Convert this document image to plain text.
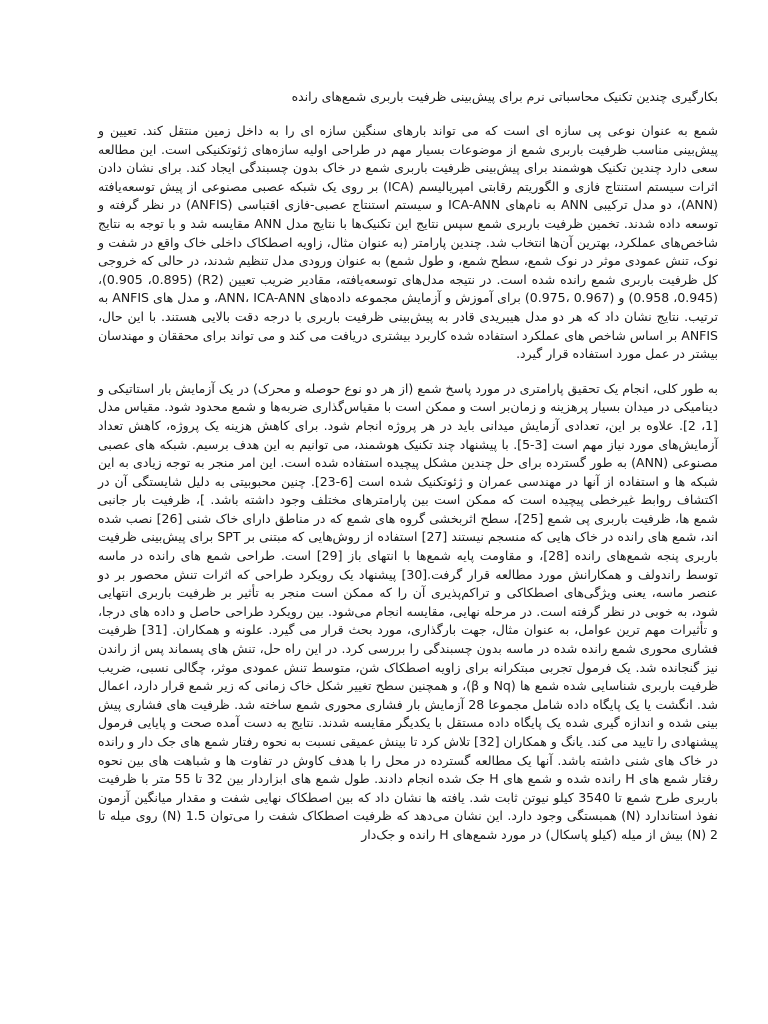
بکارگیری چندین تکنیک محاسباتی نرم برای پیش‌بینی ظرفیت باربری شمع‌های رانده

شمع به عنوان نوعی پی سازه ای است که می تواند بارهای سنگین سازه ای را به داخل زمین منتقل کند. تعیین و پیش‌بینی مناسب ظرفیت باربری شمع از موضوعات بسیار مهم در طراحی اولیه سازه‌های ژئوتکنیکی است. این مطالعه سعی دارد چندین تکنیک هوشمند برای پیش‌بینی ظرفیت باربری شمع در خاک بدون چسبندگی ایجاد کند. برای نشان دادن اثرات سیستم استنتاج فازی و الگوریتم رقابتی امپریالیسم (ICA) بر روی یک شبکه عصبی مصنوعی از پیش توسعه‌یافته (ANN)، دو مدل ترکیبی ANN به نام‌های ICA-ANN و سیستم استنتاج عصبی-فازی اقتباسی (ANFIS) در نظر گرفته و توسعه داده شدند. تخمین ظرفیت باربری شمع سپس نتایج این تکنیک‌ها با نتایج مدل ANN مقایسه شد و با توجه به نتایج شاخص‌های عملکرد، بهترین آن‌ها انتخاب شد. چندین پارامتر (به عنوان مثال، زاویه اصطکاک داخلی خاک واقع در شفت و نوک، تنش عمودی موثر در نوک شمع، سطح شمع، و طول شمع) به عنوان ورودی مدل تنظیم شدند، در حالی که خروجی کل ظرفیت باربری شمع رانده شده است. در نتیجه مدل‌های توسعه‌یافته، مقادیر ضریب تعیین (R2) (0.905 ،0.895)، (0.958 ،0.945) و (0.967 ،0.975) برای آموزش و آزمایش مجموعه داده‌های ANN، ICA-ANN، و مدل های ANFIS به ترتیب. نتایج نشان داد که هر دو مدل هیبریدی قادر به پیش‌بینی ظرفیت باربری با درجه دقت بالایی هستند. با این حال، ANFIS بر اساس شاخص های عملکرد استفاده شده کاربرد بیشتری دریافت می کند و می تواند برای محققان و مهندسان بیشتر در عمل مورد استفاده قرار گیرد.

به طور کلی، انجام یک تحقیق پارامتری در مورد پاسخ شمع (از هر دو نوع حوصله و محرک) در یک آزمایش بار استاتیکی و دینامیکی در میدان بسیار پرهزینه و زمان‌بر است و ممکن است با مقیاس‌گذاری ضربه‌ها و شمع محدود شود. مقیاس مدل [1، 2]. علاوه بر این، تعدادی آزمایش میدانی باید در هر پروژه انجام شود. برای کاهش هزینه یک پروژه، کاهش تعداد آزمایش‌های مورد نیاز مهم است [3-5]. با پیشنهاد چند تکنیک هوشمند، می توانیم به این هدف برسیم. شبکه های عصبی مصنوعی (ANN) به طور گسترده برای حل چندین مشکل پیچیده استفاده شده است. این امر منجر به توجه زیادی به این شبکه ها و استفاده از آنها در مهندسی عمران و ژئوتکنیک شده است [6-23]. چنین محبوبیتی به دلیل شایستگی آن در اکتشاف روابط غیرخطی پیچیده است که ممکن است بین پارامترهای مختلف وجود داشته باشد. ]، ظرفیت بار جانبی شمع ها، ظرفیت باربری پی شمع [25]، سطح اثربخشی گروه های شمع که در مناطق دارای خاک شنی [26] نصب شده اند، شمع های رانده در خاک هایی که منسجم نیستند [27] استفاده از روش‌هایی که مبتنی بر SPT برای پیش‌بینی ظرفیت باربری پنجه شمع‌های رانده [28]، و مقاومت پایه شمع‌ها با انتهای باز [29] است. طراحی شمع های رانده در ماسه توسط راندولف و همکارانش مورد مطالعه قرار گرفت.[30] پیشنهاد یک رویکرد طراحی که اثرات تنش محصور بر دو عنصر ماسه، یعنی ویژگی‌های اصطکاکی و تراکم‌پذیری آن را که ممکن است منجر به تأثیر بر ظرفیت باربری انتهایی شود، به خوبی در نظر گرفته است. در مرحله نهایی، مقایسه انجام می‌شود. بین رویکرد طراحی حاصل و داده های درجا، و تأثیرات مهم ترین عوامل، به عنوان مثال، جهت بارگذاری، مورد بحث قرار می گیرد. علونه و همکاران. [31] ظرفیت فشاری محوری شمع رانده شده در ماسه بدون چسبندگی را بررسی کرد. در این راه حل، تنش های پسماند پس از راندن نیز گنجانده شد. یک فرمول تجربی مبتکرانه برای زاویه اصطکاک شن، متوسط تنش عمودی موثر، چگالی نسبی، ضریب ظرفیت باربری شناسایی شده شمع ها (Nq و β)، و همچنین سطح تغییر شکل خاک زمانی که زیر شمع قرار دارد، اعمال شد. انگشت یا یک پایگاه داده شامل مجموعا 28 آزمایش بار فشاری محوری شمع ساخته شد. ظرفیت های فشاری پیش بینی شده و اندازه گیری شده یک پایگاه داده مستقل با یکدیگر مقایسه شدند. نتایج به دست آمده صحت و پایایی فرمول پیشنهادی را تایید می کند. یانگ و همکاران [32] تلاش کرد تا بینش عمیقی نسبت به نحوه رفتار شمع های جک دار و رانده در خاک های شنی داشته باشد. آنها یک مطالعه گسترده در محل را با هدف کاوش در تفاوت ها و شباهت های بین نحوه رفتار شمع های H رانده شده و شمع های H جک شده انجام دادند. طول شمع های ابزاردار بین 32 تا 55 متر با ظرفیت باربری طرح شمع تا 3540 کیلو نیوتن ثابت شد. یافته ها نشان داد که بین اصطکاک نهایی شفت و مقدار میانگین آزمون نفوذ استاندارد (N) همبستگی وجود دارد. این نشان می‌دهد که ظرفیت اصطکاک شفت را می‌توان 1.5 (N) روی میله تا 2 (N) بیش از میله (کیلو پاسکال) در مورد شمع‌های H رانده و جک‌دار
